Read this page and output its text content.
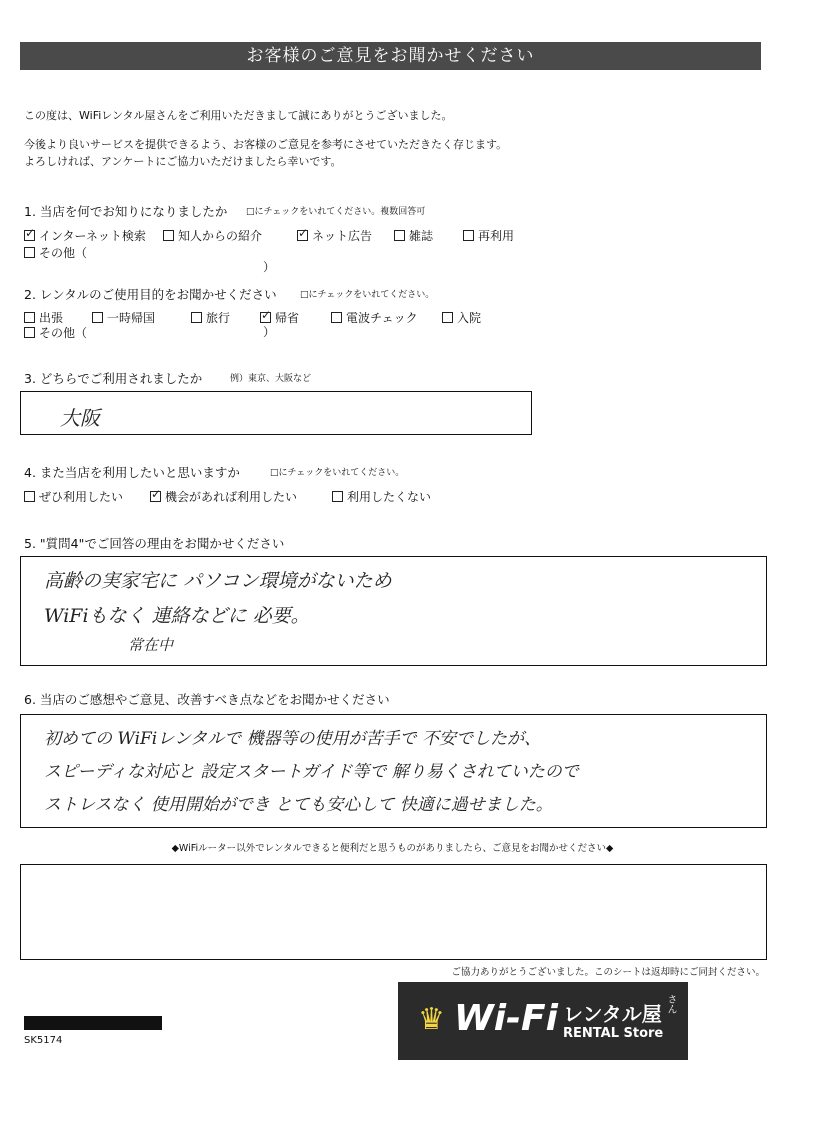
お客様のご意見をお聞かせください
この度は、WiFiレンタル屋さんをご利用いただきまして誠にありがとうございました。
今後より良いサービスを提供できるよう、お客様のご意見を参考にさせていただきたく存じます。
よろしければ、アンケートにご協力いただけましたら幸いです。
1. 当店を何でお知りになりましたか □にチェックをいれてください。複数回答可
✓インターネット検索	知人からの紹介 ✓	ネット広告	雑誌	再利用
その他（
）
2. レンタルのご使用目的をお聞かせください	□にチェックをいれてください。
出張	一時帰国	旅行 ✓	帰省	電波チェック	入院
その他（	）
3. どちらでご利用されましたか	例）東京、大阪など
大阪
4. また当店を利用したいと思いますか	□にチェックをいれてください。
ぜひ利用したい ✓	機会があれば利用したい	利用したくない
5. "質問4"でご回答の理由をお聞かせください
高齢の実家宅に パソコン環境がないため
WiFiもなく 連絡などに 必要。
常在中
6. 当店のご感想やご意見、改善すべき点などをお聞かせください
初めての WiFiレンタルで 機器等の使用が苦手で 不安でしたが、
スピーディな対応と 設定スタートガイド等で 解り易くされていたので
ストレスなく 使用開始ができ とても安心して 快適に過せました。
◆WiFiルーター以外でレンタルできると便利だと思うものがありましたら、ご意見をお聞かせください◆
ご協力ありがとうございました。このシートは返却時にご同封ください。
SK5174
♛ Wi-Fi レンタル屋 さん
RENTAL Store
